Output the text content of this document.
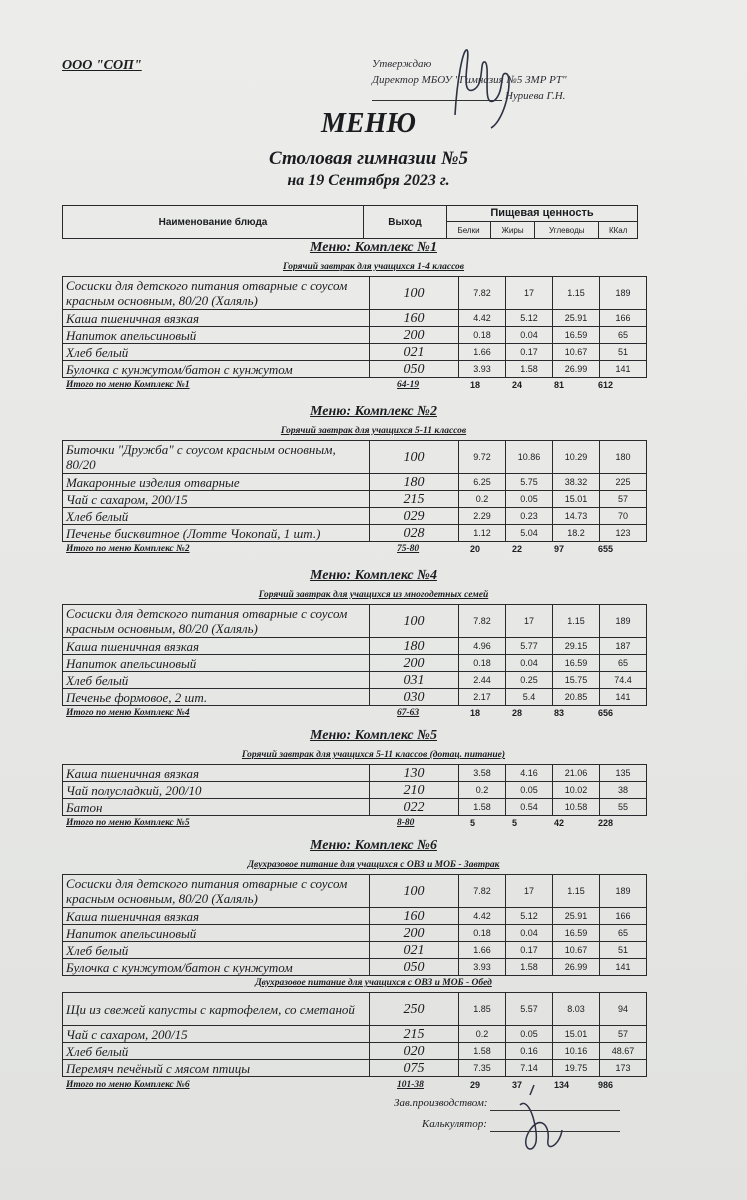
ООО "СОП"	Утверждаю
Директор МБОУ "Гимназия №5 ЗМР РТ"
Нуриева Г.Н.
МЕНЮ
Столовая гимназии №5
на 19 Сентября 2023 г.
Наименование блюда	Выход	Пищевая ценность			
		Белки	Жиры	Углеводы	ККал
Меню: Комплекс №1
Горячий завтрак для учащихся 1-4 классов
Сосиски для детского питания отварные с соусом красным основным, 80/20 (Халяль)	100	7.82	17	1.15	189
Каша пшеничная вязкая	160	4.42	5.12	25.91	166
Напиток апельсиновый	200	0.18	0.04	16.59	65
Хлеб белый	021	1.66	0.17	10.67	51
Булочка с кунжутом/батон с кунжутом	050	3.93	1.58	26.99	141
Итого по меню Комплекс №1	64-19	18	24	81	612
Меню: Комплекс №2
Горячий завтрак для учащихся 5-11 классов
Биточки "Дружба" с соусом красным основным, 80/20	100	9.72	10.86	10.29	180
Макаронные изделия отварные	180	6.25	5.75	38.32	225
Чай с сахаром, 200/15	215	0.2	0.05	15.01	57
Хлеб белый	029	2.29	0.23	14.73	70
Печенье бисквитное (Лотте Чокопай, 1 шт.)	028	1.12	5.04	18.2	123
Итого по меню Комплекс №2	75-80	20	22	97	655
Меню: Комплекс №4
Горячий завтрак для учащихся из многодетных семей
Сосиски для детского питания отварные с соусом красным основным, 80/20 (Халяль)	100	7.82	17	1.15	189
Каша пшеничная вязкая	180	4.96	5.77	29.15	187
Напиток апельсиновый	200	0.18	0.04	16.59	65
Хлеб белый	031	2.44	0.25	15.75	74.4
Печенье формовое, 2 шт.	030	2.17	5.4	20.85	141
Итого по меню Комплекс №4	67-63	18	28	83	656
Меню: Комплекс №5
Горячий завтрак для учащихся 5-11 классов (дотац. питание)
Каша пшеничная вязкая	130	3.58	4.16	21.06	135
Чай полусладкий, 200/10	210	0.2	0.05	10.02	38
Батон	022	1.58	0.54	10.58	55
Итого по меню Комплекс №5	8-80	5	5	42	228
Меню: Комплекс №6
Двухразовое питание для учащихся с ОВЗ и МОБ - Завтрак
Сосиски для детского питания отварные с соусом красным основным, 80/20 (Халяль)	100	7.82	17	1.15	189
Каша пшеничная вязкая	160	4.42	5.12	25.91	166
Напиток апельсиновый	200	0.18	0.04	16.59	65
Хлеб белый	021	1.66	0.17	10.67	51
Булочка с кунжутом/батон с кунжутом	050	3.93	1.58	26.99	141
Двухразовое питание для учащихся с ОВЗ и МОБ - Обед
Щи из свежей капусты с картофелем, со сметаной	250	1.85	5.57	8.03	94
Чай с сахаром, 200/15	215	0.2	0.05	15.01	57
Хлеб белый	020	1.58	0.16	10.16	48.67
Перемяч печёный с мясом птицы	075	7.35	7.14	19.75	173
Итого по меню Комплекс №6	101-38	29	37	134	986
Зав.производством:
Калькулятор:
